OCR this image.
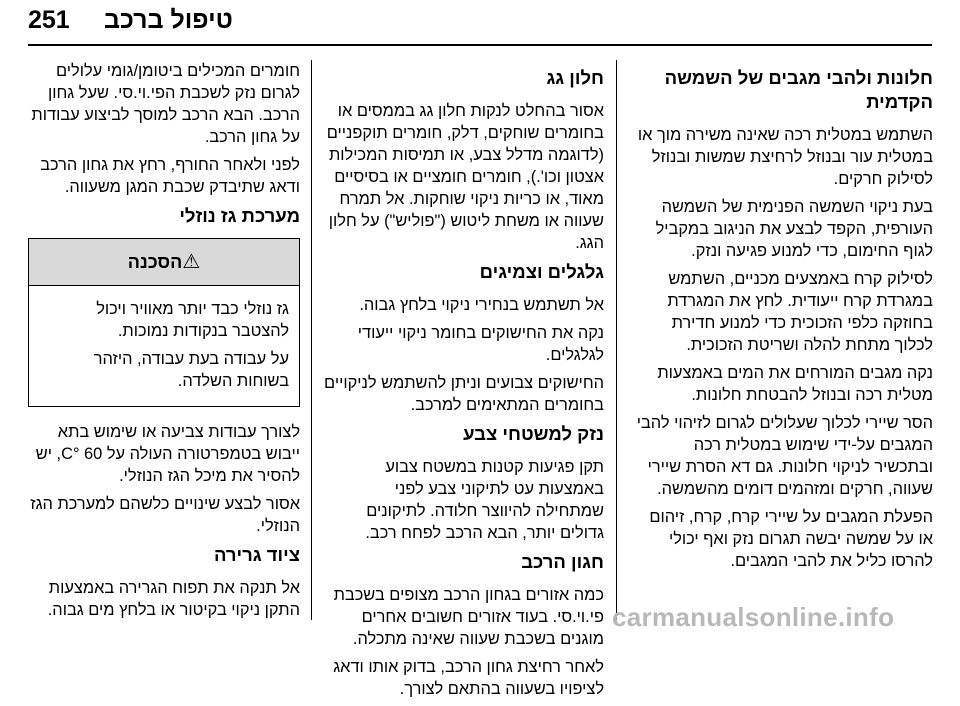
251 טיפול ברכב
חלונות ולהבי מגבים של השמשה הקדמית

השתמש במטלית רכה שאינה משירה מוך או במטלית עור ובנוזל לרחיצת שמשות ובנוזל לסילוק חרקים.

בעת ניקוי השמשה הפנימית של השמשה העורפית, הקפד לבצע את הניגוב במקביל לגוף החימום, כדי למנוע פגיעה ונזק.

לסילוק קרח באמצעים מכניים, השתמש במגרדת קרח ייעודית. לחץ את המגרדת בחוזקה כלפי הזכוכית כדי למנוע חדירת לכלוך מתחת להלה ושריטת הזכוכית.

נקה מגבים המורחים את המים באמצעות מטלית רכה ובנוזל להבטחת חלונות.

הסר שיירי לכלוך שעלולים לגרום לזיהוי להבי המגבים על-ידי שימוש במטלית רכה ובתכשיר לניקוי חלונות. גם דא הסרת שיירי שעווה, חרקים ומזהמים דומים מהשמשה.

הפעלת המגבים על שיירי קרח, קרח, זיהום או על שמשה יבשה תגרום נזק ואף יכולי להרסו כליל את להבי המגבים.

חלון גג

אסור בהחלט לנקות חלון גג בממסים או בחומרים שוחקים, דלק, חומרים תוקפניים (לדוגמה מדלל צבע, או תמיסות המכילות אצטון וכו'.), חומרים חומציים או בסיסיים מאוד, או כריות ניקוי שוחקות. אל תמרח שעווה או משחת ליטוש ("פוליש") על חלון הגג.

גלגלים וצמיגים

אל תשתמש בנחירי ניקוי בלחץ גבוה.

נקה את החישוקים בחומר ניקוי ייעודי לגלגלים.

החישוקים צבועים וניתן להשתמש לניקויים בחומרים המתאימים למרכב.

נזק למשטחי צבע

תקן פגיעות קטנות במשטח צבוע באמצעות עט לתיקוני צבע לפני שמתחילה להיווצר חלודה. לתיקונים גדולים יותר, הבא הרכב לפחח רכב.

חגון הרכב

כמה אזורים בגחון הרכב מצופים בשכבת פי.וי.סי. בעוד אזורים חשובים אחרים מוגנים בשכבת שעווה שאינה מתכלה.

לאחר רחיצת גחון הרכב, בדוק אותו ודאג לציפויו בשעווה בהתאם לצורך.

חומרים המכילים ביטומן/גומי עלולים לגרום נזק לשכבת הפי.וי.סי. שעל גחון הרכב. הבא הרכב למוסך לביצוע עבודות על גחון הרכב.

לפני ולאחר החורף, רחץ את גחון הרכב ודאג שתיבדק שכבת המגן משעווה.

מערכת גז נוזלי
⚠הסכנה

גז נוזלי כבד יותר מאוויר ויכול להצטבר בנקודות נמוכות.

על עבודה בעת עבודה, היזהר בשוחות השלדה.

לצורך עבודות צביעה או שימוש בתא ייבוש בטמפרטורה העולה על 60 °C, יש להסיר את מיכל הגז הנוזלי.

אסור לבצע שינויים כלשהם למערכת הגז הנוזלי.

ציוד גרירה

אל תנקה את תפוח הגרירה באמצעות התקן ניקוי בקיטור או בלחץ מים גבוה.	carmanualsonline.info
